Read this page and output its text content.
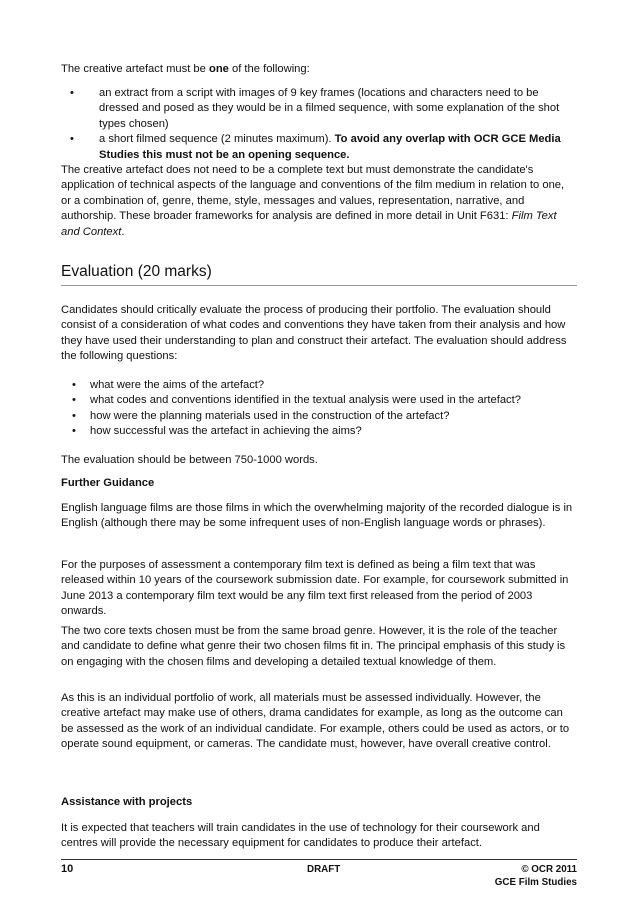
The creative artefact must be one of the following:

• an extract from a script with images of 9 key frames (locations and characters need to be dressed and posed as they would be in a filmed sequence, with some explanation of the shot types chosen)
• a short filmed sequence (2 minutes maximum). To avoid any overlap with OCR GCE Media Studies this must not be an opening sequence.

The creative artefact does not need to be a complete text but must demonstrate the candidate's application of technical aspects of the language and conventions of the film medium in relation to one, or a combination of, genre, theme, style, messages and values, representation, narrative, and authorship. These broader frameworks for analysis are defined in more detail in Unit F631: Film Text and Context.

Evaluation (20 marks)

Candidates should critically evaluate the process of producing their portfolio. The evaluation should consist of a consideration of what codes and conventions they have taken from their analysis and how they have used their understanding to plan and construct their artefact. The evaluation should address the following questions:

• what were the aims of the artefact?
• what codes and conventions identified in the textual analysis were used in the artefact?
• how were the planning materials used in the construction of the artefact?
• how successful was the artefact in achieving the aims?

The evaluation should be between 750-1000 words.

Further Guidance

English language films are those films in which the overwhelming majority of the recorded dialogue is in English (although there may be some infrequent uses of non-English language words or phrases).

For the purposes of assessment a contemporary film text is defined as being a film text that was released within 10 years of the coursework submission date. For example, for coursework submitted in June 2013 a contemporary film text would be any film text first released from the period of 2003 onwards.

The two core texts chosen must be from the same broad genre. However, it is the role of the teacher and candidate to define what genre their two chosen films fit in. The principal emphasis of this study is on engaging with the chosen films and developing a detailed textual knowledge of them.

As this is an individual portfolio of work, all materials must be assessed individually. However, the creative artefact may make use of others, drama candidates for example, as long as the outcome can be assessed as the work of an individual candidate. For example, others could be used as actors, or to operate sound equipment, or cameras. The candidate must, however, have overall creative control.

Assistance with projects

It is expected that teachers will train candidates in the use of technology for their coursework and centres will provide the necessary equipment for candidates to produce their artefact.

10	DRAFT	© OCR 2011
GCE Film Studies
